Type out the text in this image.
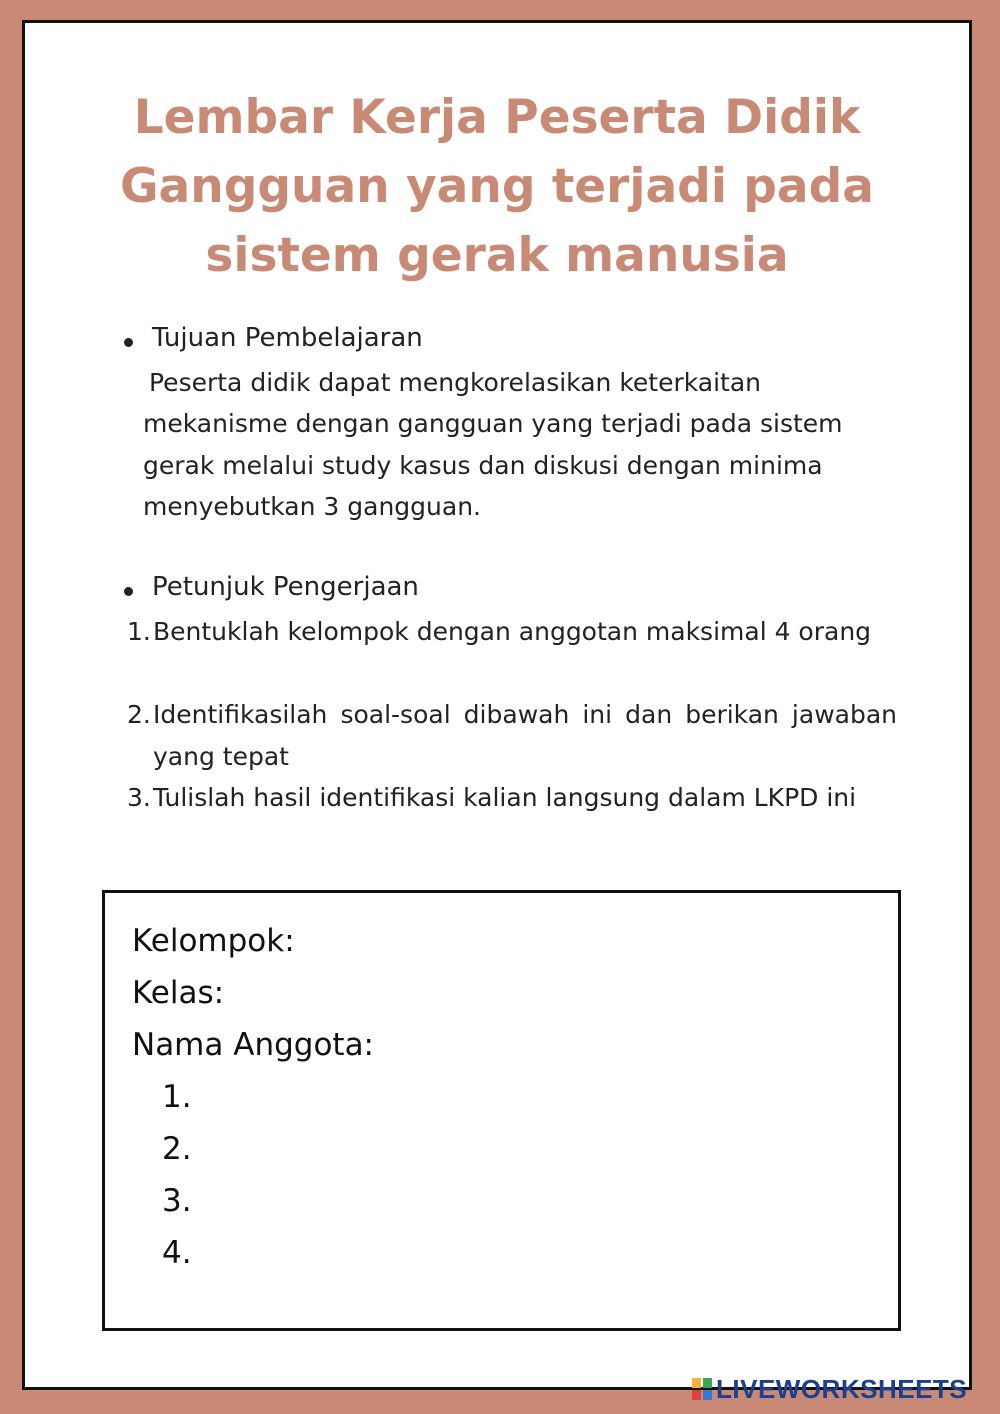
Lembar Kerja Peserta Didik
Gangguan yang terjadi pada
sistem gerak manusia
Tujuan Pembelajaran
Peserta didik dapat mengkorelasikan keterkaitan
mekanisme dengan gangguan yang terjadi pada sistem
gerak melalui study kasus dan diskusi dengan minima
menyebutkan 3 gangguan.
Petunjuk Pengerjaan
1. Bentuklah kelompok dengan anggotan maksimal 4 orang
2. Identifikasilah soal-soal dibawah ini dan berikan jawaban yang tepat
3. Tulislah hasil identifikasi kalian langsung dalam LKPD ini
Kelompok:
Kelas:
Nama Anggota:
1.
2.
3.
4.
LIVEWORKSHEETS
